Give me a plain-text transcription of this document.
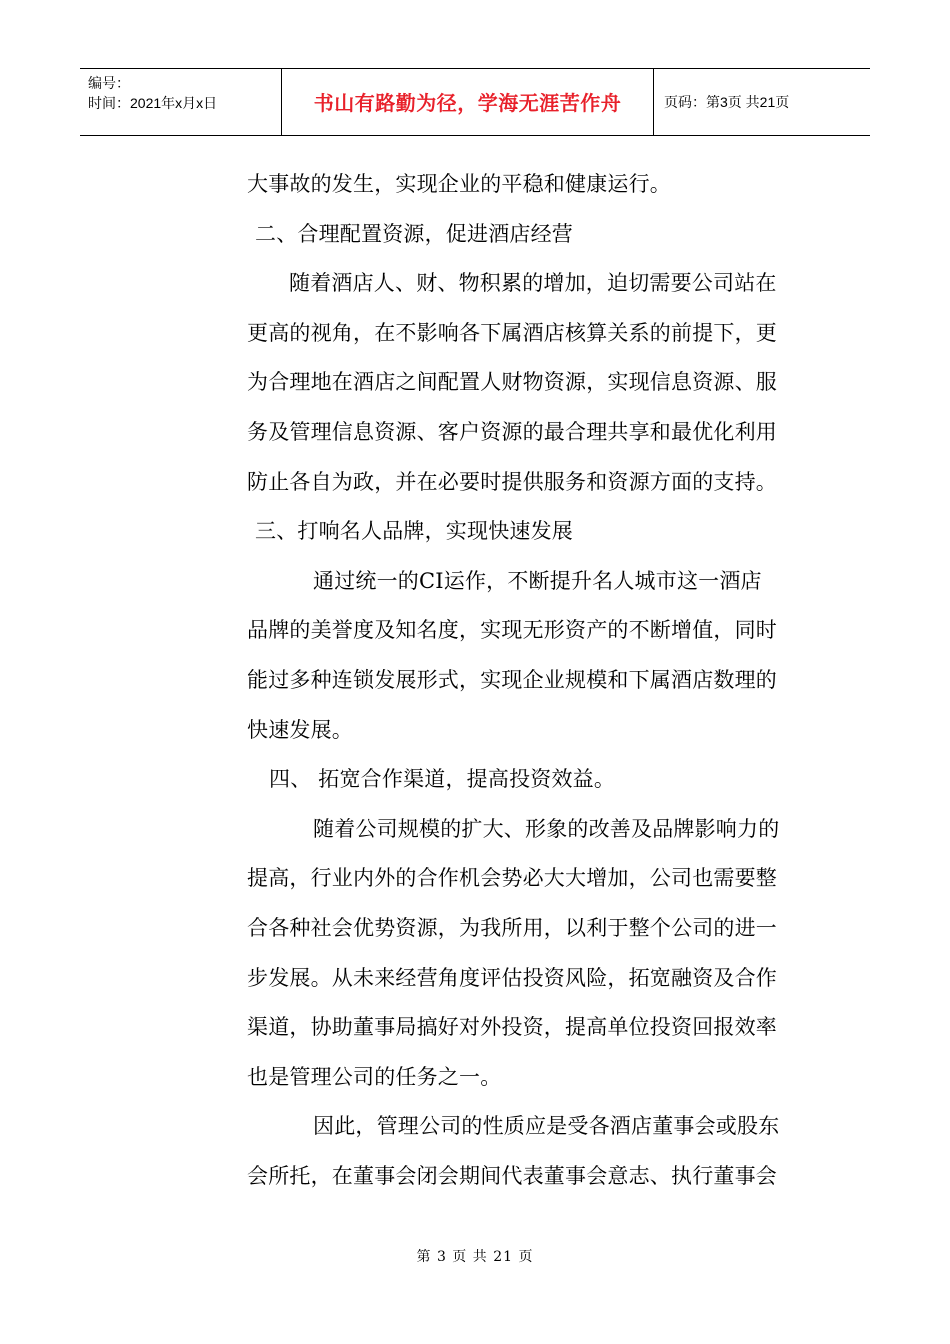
编号：
时间：2021年x月x日	书山有路勤为径，学海无涯苦作舟	页码：第3页 共21页
大事故的发生，实现企业的平稳和健康运行。
二、合理配置资源，促进酒店经营
随着酒店人、财、物积累的增加，迫切需要公司站在
更高的视角，在不影响各下属酒店核算关系的前提下，更
为合理地在酒店之间配置人财物资源，实现信息资源、服
务及管理信息资源、客户资源的最合理共享和最优化利用
防止各自为政，并在必要时提供服务和资源方面的支持。
三、打响名人品牌，实现快速发展
通过统一的CI运作，不断提升名人城市这一酒店
品牌的美誉度及知名度，实现无形资产的不断增值，同时
能过多种连锁发展形式，实现企业规模和下属酒店数理的
快速发展。
四、 拓宽合作渠道，提高投资效益。
随着公司规模的扩大、形象的改善及品牌影响力的
提高，行业内外的合作机会势必大大增加，公司也需要整
合各种社会优势资源，为我所用，以利于整个公司的进一
步发展。从未来经营角度评估投资风险，拓宽融资及合作
渠道，协助董事局搞好对外投资，提高单位投资回报效率
也是管理公司的任务之一。
因此，管理公司的性质应是受各酒店董事会或股东
会所托，在董事会闭会期间代表董事会意志、执行董事会
第 3 页 共 21 页
